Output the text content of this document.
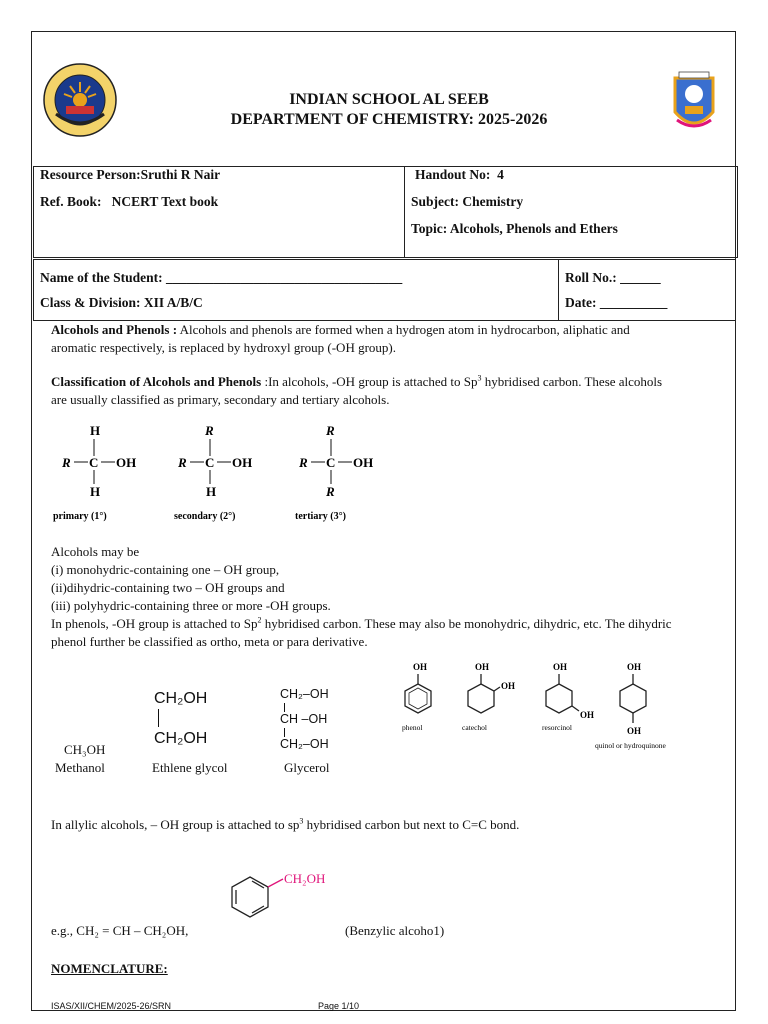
INDIAN SCHOOL AL SEEB
DEPARTMENT OF CHEMISTRY: 2025-2026
Resource Person:Sruthi R Nair
Ref. Book: NCERT Text book

Handout No: 4
Subject: Chemistry
Topic: Alcohols, Phenols and Ethers
Name of the Student: ___________________________________
Class & Division: XII A/B/C

Roll No.: ______
Date: __________
Alcohols and Phenols : Alcohols and phenols are formed when a hydrogen atom in hydrocarbon, aliphatic and
aromatic respectively, is replaced by hydroxyl group (-OH group).
Classification of Alcohols and Phenols :In alcohols, -OH group is attached to Sp$^3$ hybridised carbon. These alcohols
are usually classified as primary, secondary and tertiary alcohols.
H
R C OH
H
R
R C OH
H
R
R C OH
R
primary (1°)	secondary (2°)	tertiary (3°)
Alcohols may be
(i) monohydric-containing one – OH group,
(ii)dihydric-containing two – OH groups and
(iii) polyhydric-containing three or more -OH groups.
In phenols, -OH group is attached to Sp$^2$ hybridised carbon. These may also be monohydric, dihydric, etc. The dihydric
phenol further be classified as ortho, meta or para derivative.
CH₃OH
Methanol
CH₂OH
CH₂OH
Ethlene glycol
CH₂–OH
CH –OH
CH₂–OH
Glycerol
OH	OH
OH
OH
OH
OH
OH
phenol	catechol	resorcinol
quinol or hydroquinone
In allylic alcohols, – OH group is attached to $sp^3$ hybridised carbon but next to C=C bond.
CH₂OH
e.g., CH₂ = CH – CH₂OH,	(Benzylic alcoho1)
NOMENCLATURE:
ISAS/XII/CHEM/2025-26/SRN	Page 1/10
